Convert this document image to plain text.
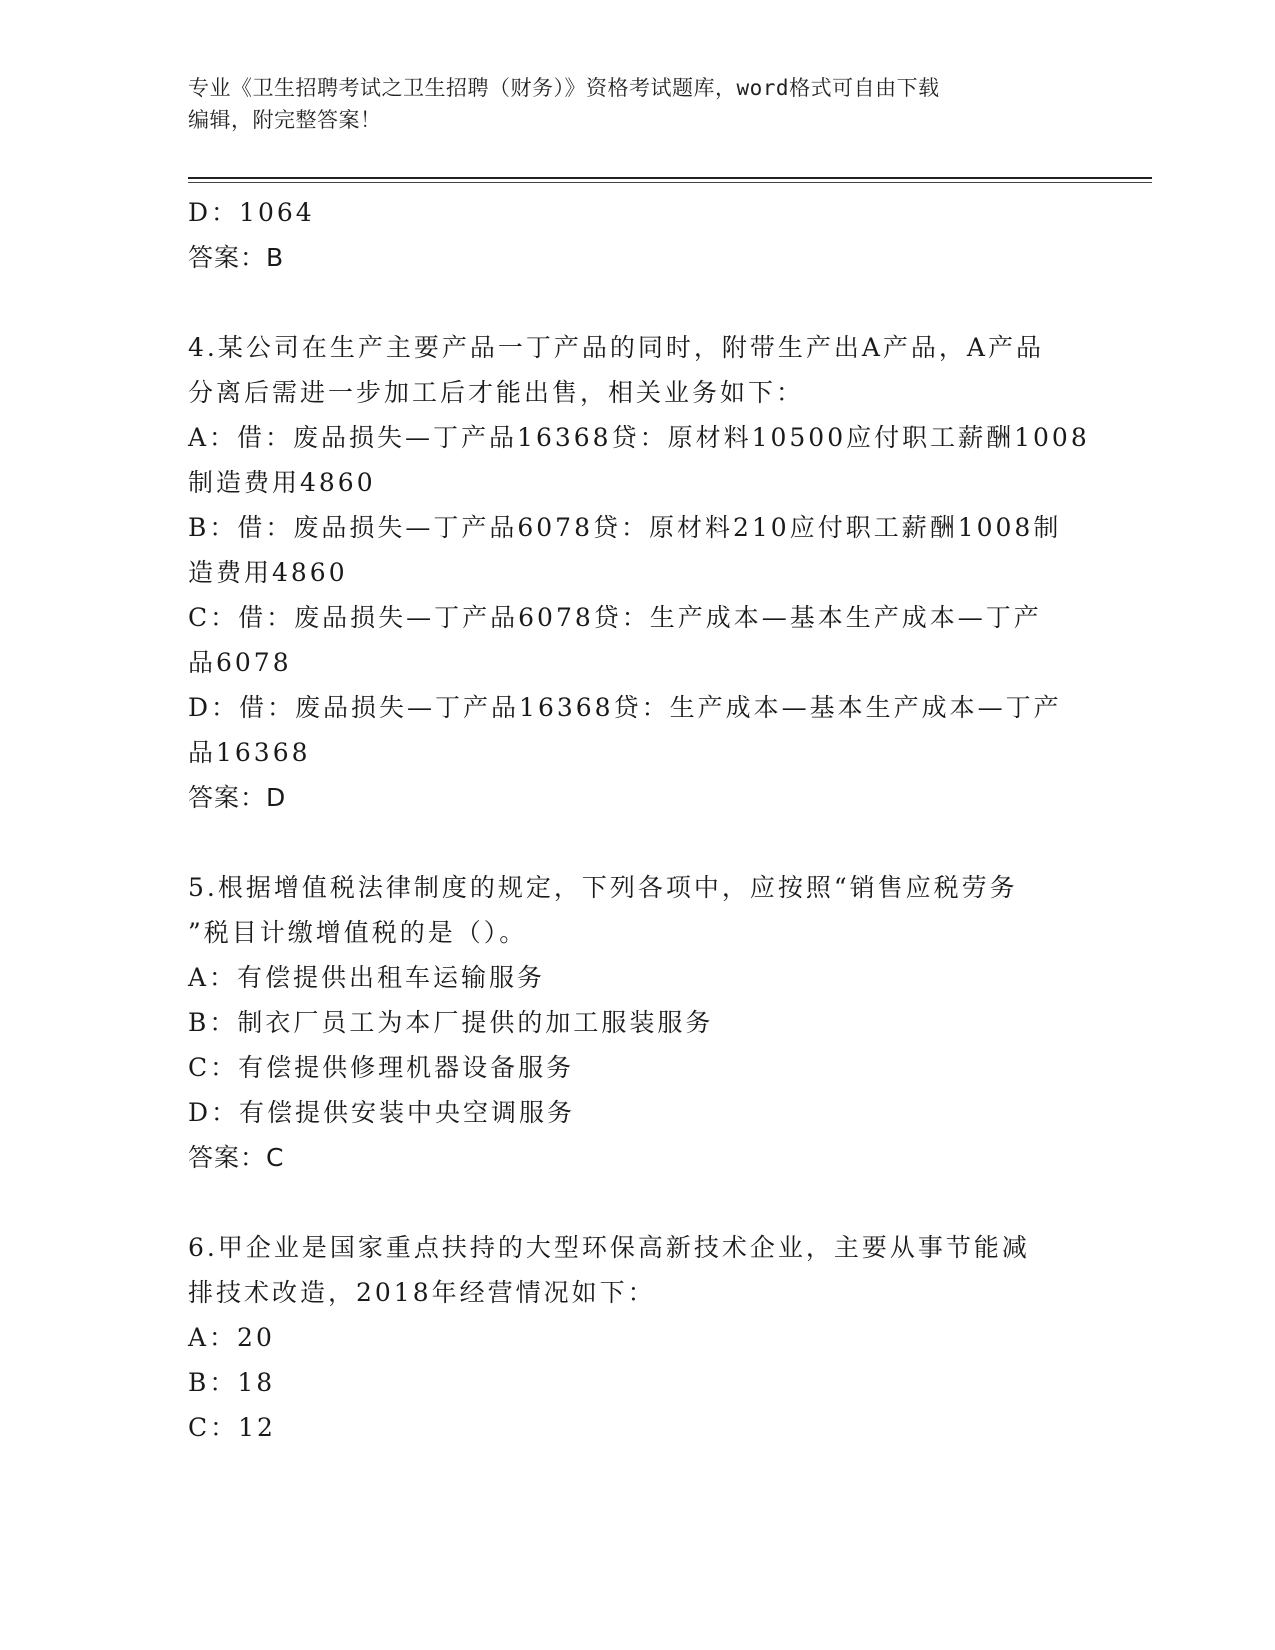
专业《卫生招聘考试之卫生招聘（财务）》资格考试题库，word格式可自由下载
编辑，附完整答案！
D：1064
答案：B
4.某公司在生产主要产品一丁产品的同时，附带生产出A产品，A产品
分离后需进一步加工后才能出售，相关业务如下：
A：借：废品损失—丁产品16368贷：原材料10500应付职工薪酬1008
制造费用4860
B：借：废品损失—丁产品6078贷：原材料210应付职工薪酬1008制
造费用4860
C：借：废品损失—丁产品6078贷：生产成本—基本生产成本—丁产
品6078
D：借：废品损失—丁产品16368贷：生产成本—基本生产成本—丁产
品16368
答案：D
5.根据增值税法律制度的规定，下列各项中，应按照“销售应税劳务
”税目计缴增值税的是（）。
A：有偿提供出租车运输服务
B：制衣厂员工为本厂提供的加工服装服务
C：有偿提供修理机器设备服务
D：有偿提供安装中央空调服务
答案：C
6.甲企业是国家重点扶持的大型环保高新技术企业，主要从事节能减
排技术改造，2018年经营情况如下：
A：20
B：18
C：12
